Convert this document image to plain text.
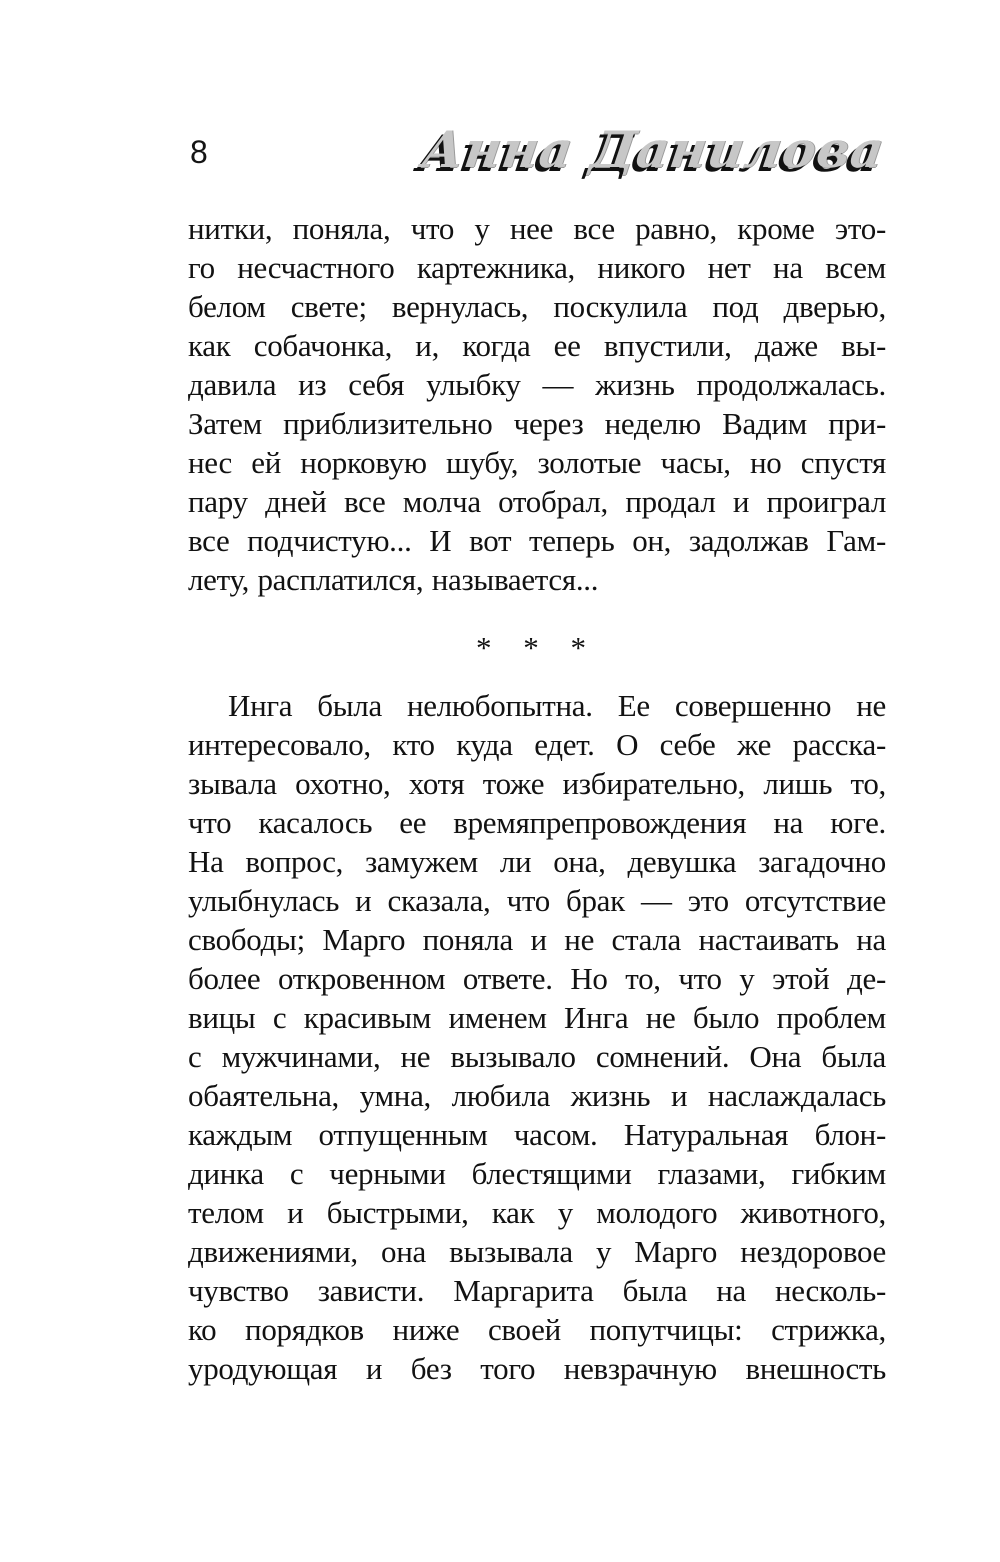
8	Анна Данилова
нитки, поняла, что у нее все равно, кроме это-
го несчастного картежника, никого нет на всем
белом свете; вернулась, поскулила под дверью,
как собачонка, и, когда ее впустили, даже вы-
давила из себя улыбку — жизнь продолжалась.
Затем приблизительно через неделю Вадим при-
нес ей норковую шубу, золотые часы, но спустя
пару дней все молча отобрал, продал и проиграл
все подчистую... И вот теперь он, задолжав Гам-
лету, расплатился, называется...
* * *
Инга была нелюбопытна. Ее совершенно не
интересовало, кто куда едет. О себе же расска-
зывала охотно, хотя тоже избирательно, лишь то,
что касалось ее времяпрепровождения на юге.
На вопрос, замужем ли она, девушка загадочно
улыбнулась и сказала, что брак — это отсутствие
свободы; Марго поняла и не стала настаивать на
более откровенном ответе. Но то, что у этой де-
вицы с красивым именем Инга не было проблем
с мужчинами, не вызывало сомнений. Она была
обаятельна, умна, любила жизнь и наслаждалась
каждым отпущенным часом. Натуральная блон-
динка с черными блестящими глазами, гибким
телом и быстрыми, как у молодого животного,
движениями, она вызывала у Марго нездоровое
чувство зависти. Маргарита была на несколь-
ко порядков ниже своей попутчицы: стрижка,
уродующая и без того невзрачную внешность
